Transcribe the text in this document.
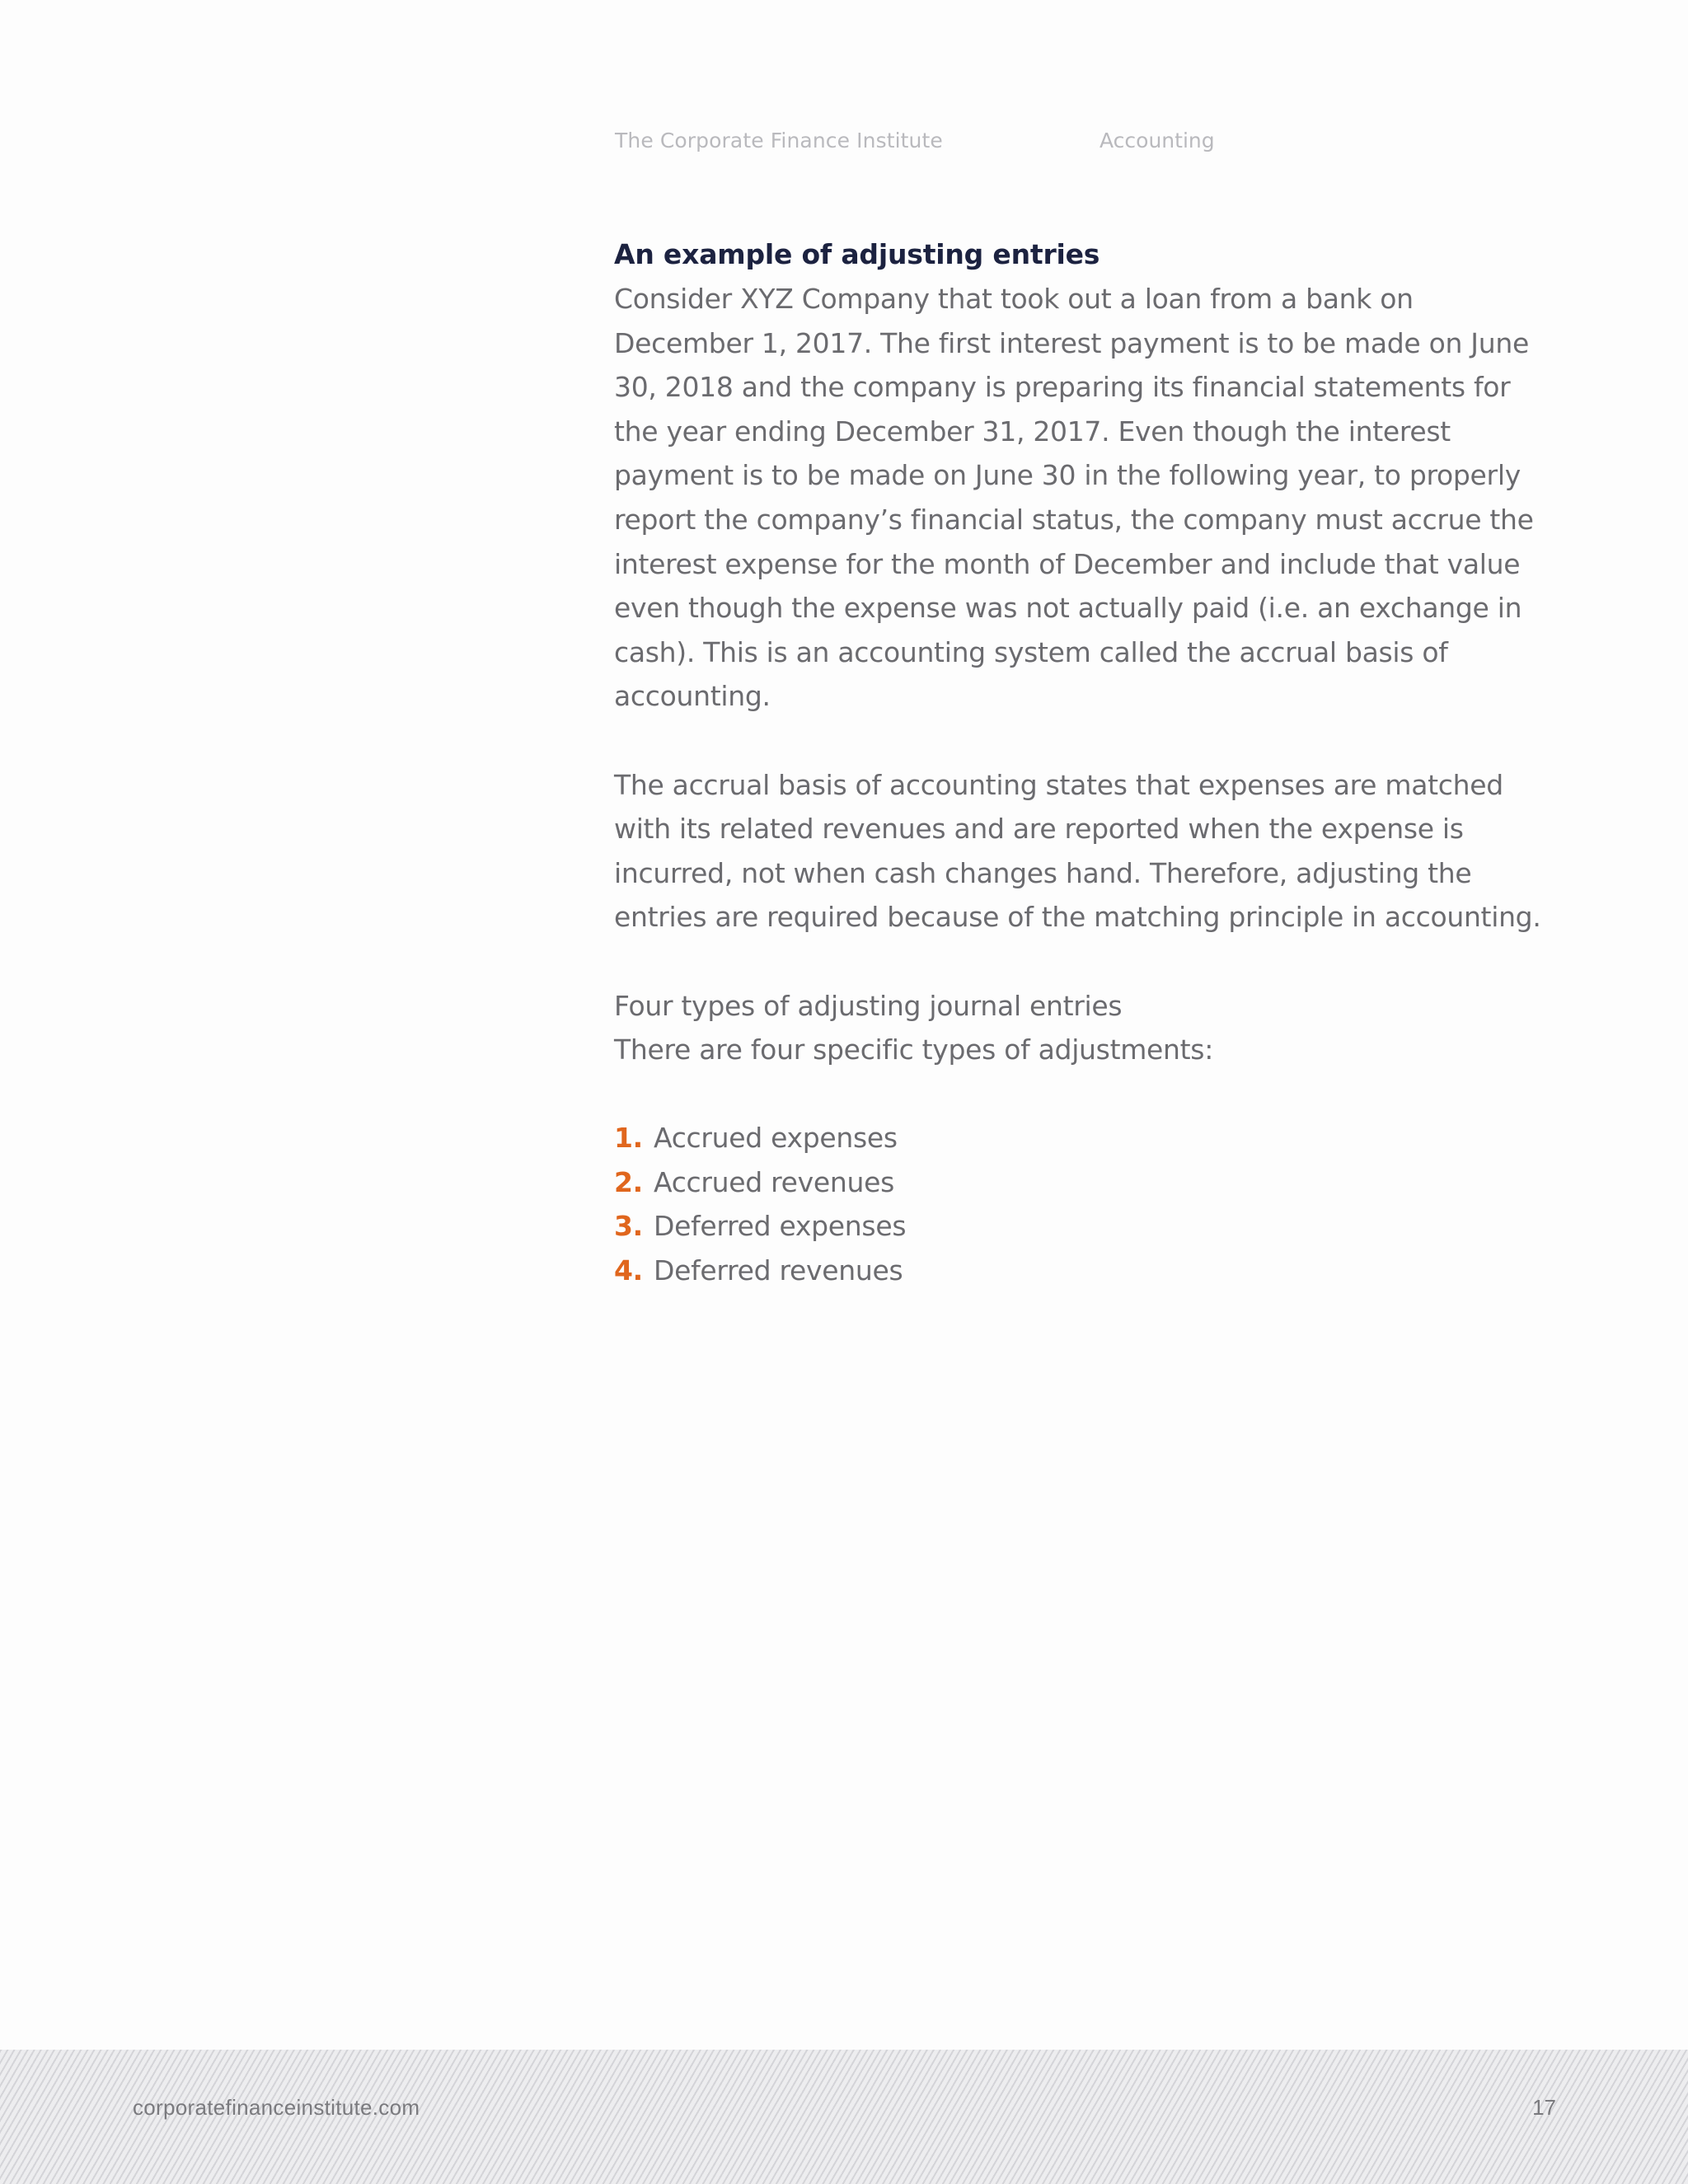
The Corporate Finance Institute	Accounting
An example of adjusting entries

Consider XYZ Company that took out a loan from a bank on December 1, 2017. The first interest payment is to be made on June 30, 2018 and the company is preparing its financial statements for the year ending December 31, 2017. Even though the interest payment is to be made on June 30 in the following year, to properly report the company’s financial status, the company must accrue the interest expense for the month of December and include that value even though the expense was not actually paid (i.e. an exchange in cash). This is an accounting system called the accrual basis of accounting.

The accrual basis of accounting states that expenses are matched with its related revenues and are reported when the expense is incurred, not when cash changes hand. Therefore, adjusting the entries are required because of the matching principle in accounting.

Four types of adjusting journal entries

There are four specific types of adjustments:

1. Accrued expenses
2. Accrued revenues
3. Deferred expenses
4. Deferred revenues
corporatefinanceinstitute.com	17
